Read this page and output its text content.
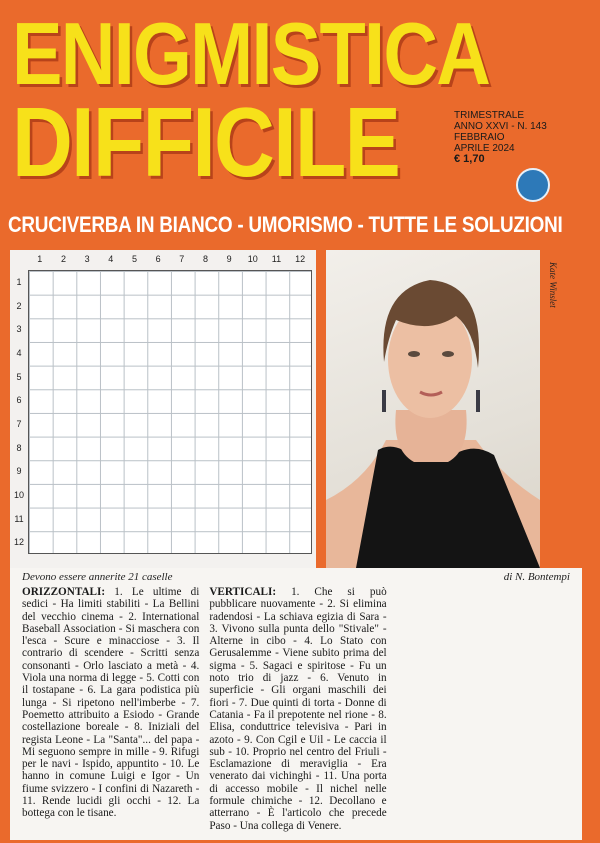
ENIGMISTICA
DIFFICILE	TRIMESTRALE
ANNO XXVI - N. 143
FEBBRAIO
APRILE 2024
€ 1,70
CRUCIVERBA IN BIANCO - UMORISMO - TUTTE LE SOLUZIONI
1	2	3	4	5	6	7	8	9	10	11	12
1
2
3
4
5
6
7
8
9
10
11
12
Kate Winslet
Devono essere annerite 21 caselle	di N. Bontempi

ORIZZONTALI: 1. Le ultime di sedici - Ha limiti stabiliti - La Bellini del vecchio cinema - 2. International Baseball Association - Si maschera con l'esca - Scure e minacciose - 3. Il contrario di scendere - Scritti senza consonanti - Orlo lasciato a metà - 4. Viola una norma di legge - 5. Cotti con il tostapane - 6. La gara podistica più lunga - Si ripetono nell'imberbe - 7. Poemetto attribuito a Esiodo - Grande costellazione boreale - 8. Iniziali del regista Leone - La "Santa"... del papa - Mi seguono sempre in mille - 9. Rifugi per le navi - Ispido, appuntito - 10. Le hanno in comune Luigi e Igor - Un fiume svizzero - I confini di Nazareth - 11. Rende lucidi gli occhi - 12. La bottega con le tisane.

VERTICALI: 1. Che si può pubblicare nuovamente - 2. Si elimina radendosi - La schiava egizia di Sara - 3. Vivono sulla punta dello "Stivale" - Alterne in cibo - 4. Lo Stato con Gerusalemme - Viene subito prima del sigma - 5. Sagaci e spiritose - Fu un noto trio di jazz - 6. Venuto in superficie - Gli organi maschili dei fiori - 7. Due quinti di torta - Donne di Catania - Fa il prepotente nel rione - 8. Elisa, conduttrice televisiva - Pari in azoto - 9. Con Cgil e Uil - Le caccia il sub - 10. Proprio nel centro del Friuli - Esclamazione di meraviglia - Era venerato dai vichinghi - 11. Una porta di accesso mobile - Il nichel nelle formule chimiche - 12. Decollano e atterrano - È l'articolo che precede Paso - Una collega di Venere.
